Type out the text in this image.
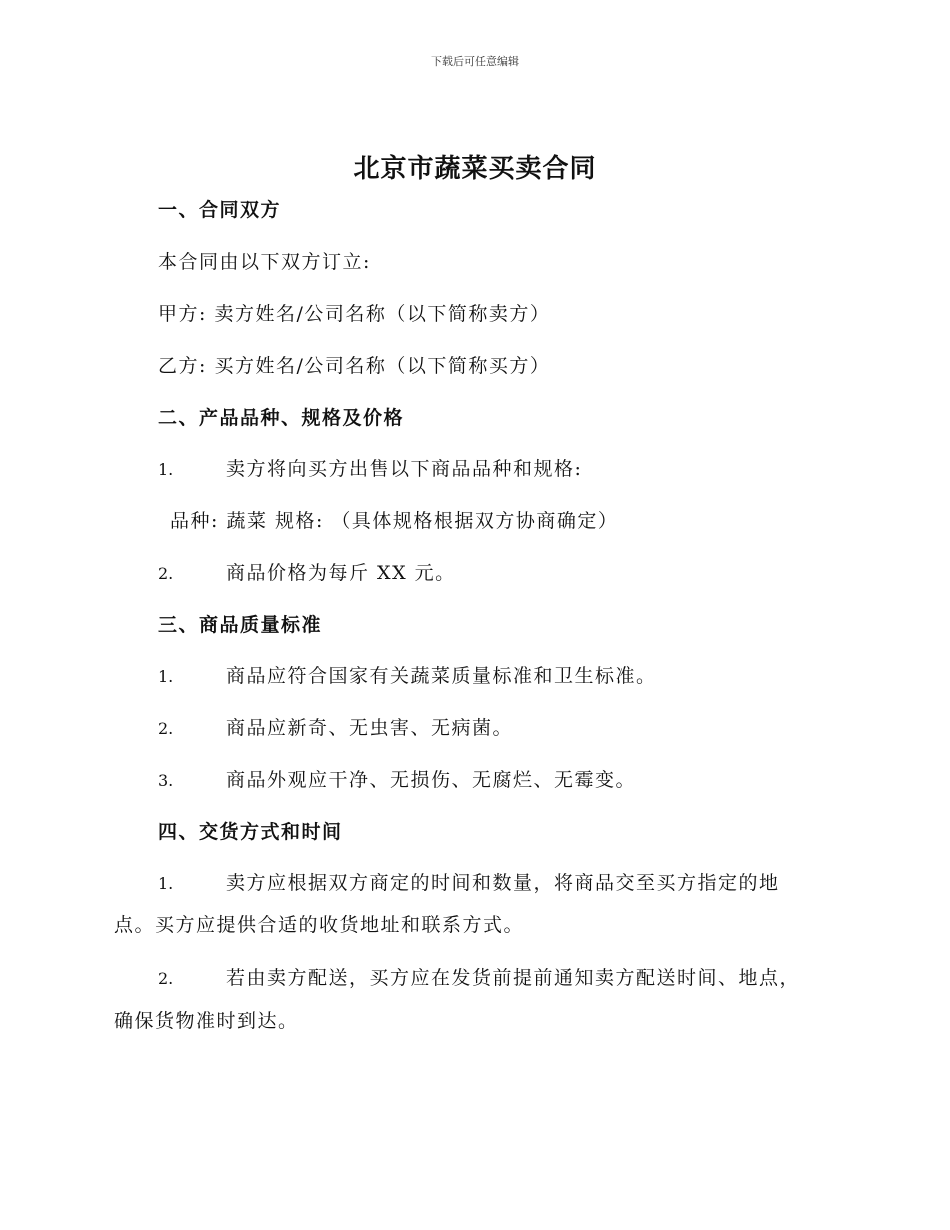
下载后可任意编辑
北京市蔬菜买卖合同
一、合同双方
本合同由以下双方订立:
甲方: 卖方姓名/公司名称（以下简称卖方）
乙方: 买方姓名/公司名称（以下简称买方）
二、产品品种、规格及价格
1.	卖方将向买方出售以下商品品种和规格:
品种: 蔬菜 规格: （具体规格根据双方协商确定）
2.	商品价格为每斤 XX 元。
三、商品质量标准
1.	商品应符合国家有关蔬菜质量标准和卫生标准。
2.	商品应新奇、无虫害、无病菌。
3.	商品外观应干净、无损伤、无腐烂、无霉变。
四、交货方式和时间
1.	卖方应根据双方商定的时间和数量，将商品交至买方指定的地
点。买方应提供合适的收货地址和联系方式。
2.	若由卖方配送，买方应在发货前提前通知卖方配送时间、地点，
确保货物准时到达。
